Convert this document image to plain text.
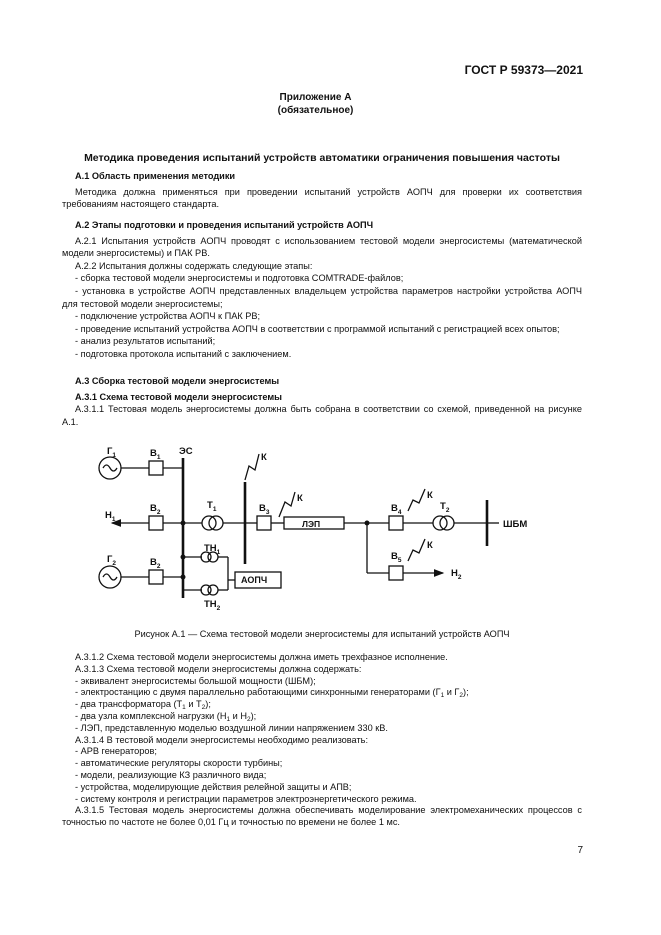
ГОСТ Р 59373—2021
Приложение А
(обязательное)
Методика проведения испытаний устройств автоматики ограничения повышения частоты

А.1 Область применения методики

Методика должна применяться при проведении испытаний устройств АОПЧ для проверки их соответствия требованиям настоящего стандарта.

А.2 Этапы подготовки и проведения испытаний устройств АОПЧ

А.2.1 Испытания устройств АОПЧ проводят с использованием тестовой модели энергосистемы (математической модели энергосистемы) и ПАК РВ.

А.2.2 Испытания должны содержать следующие этапы:

- сборка тестовой модели энергосистемы и подготовка COMTRADE-файлов;

- установка в устройстве АОПЧ представленных владельцем устройства параметров настройки устройства АОПЧ для тестовой модели энергосистемы;

- подключение устройства АОПЧ к ПАК РВ;

- проведение испытаний устройства АОПЧ в соответствии с программой испытаний с регистрацией всех опытов;

- анализ результатов испытаний;

- подготовка протокола испытаний с заключением.

А.3 Сборка тестовой модели энергосистемы

А.3.1 Схема тестовой модели энергосистемы

А.3.1.1 Тестовая модель энергосистемы должна быть собрана в соответствии со схемой, приведенной на рисунке А.1.

$Г_1$
$Г_2$
$В_1$
$В_2$
$В_2$
ЭС
$Н_1$
$Т_1$
$ТН_1$
$ТН_2$
К
$В_3$
К
ЛЭП
$В_4$
К
$Т_2$
ШБМ
$В_5$
К
$Н_2$
АОПЧ
Рисунок А.1 — Схема тестовой модели энергосистемы для испытаний устройств АОПЧ

А.3.1.2 Схема тестовой модели энергосистемы должна иметь трехфазное исполнение.

А.3.1.3 Схема тестовой модели энергосистемы должна содержать:

- эквивалент энергосистемы большой мощности (ШБМ);

- электростанцию с двумя параллельно работающими синхронными генераторами ($Г_1$ и $Г_2$);

- два трансформатора ($Т_1$ и $Т_2$);

- два узла комплексной нагрузки ($Н_1$ и $Н_2$);

- ЛЭП, представленную моделью воздушной линии напряжением 330 кВ.

А.3.1.4 В тестовой модели энергосистемы необходимо реализовать:

- АРВ генераторов;

- автоматические регуляторы скорости турбины;

- модели, реализующие КЗ различного вида;

- устройства, моделирующие действия релейной защиты и АПВ;

- систему контроля и регистрации параметров электроэнергетического режима.

А.3.1.5 Тестовая модель энергосистемы должна обеспечивать моделирование электромеханических процессов с точностью по частоте не более 0,01 Гц и точностью по времени не более 1 мс.

7
